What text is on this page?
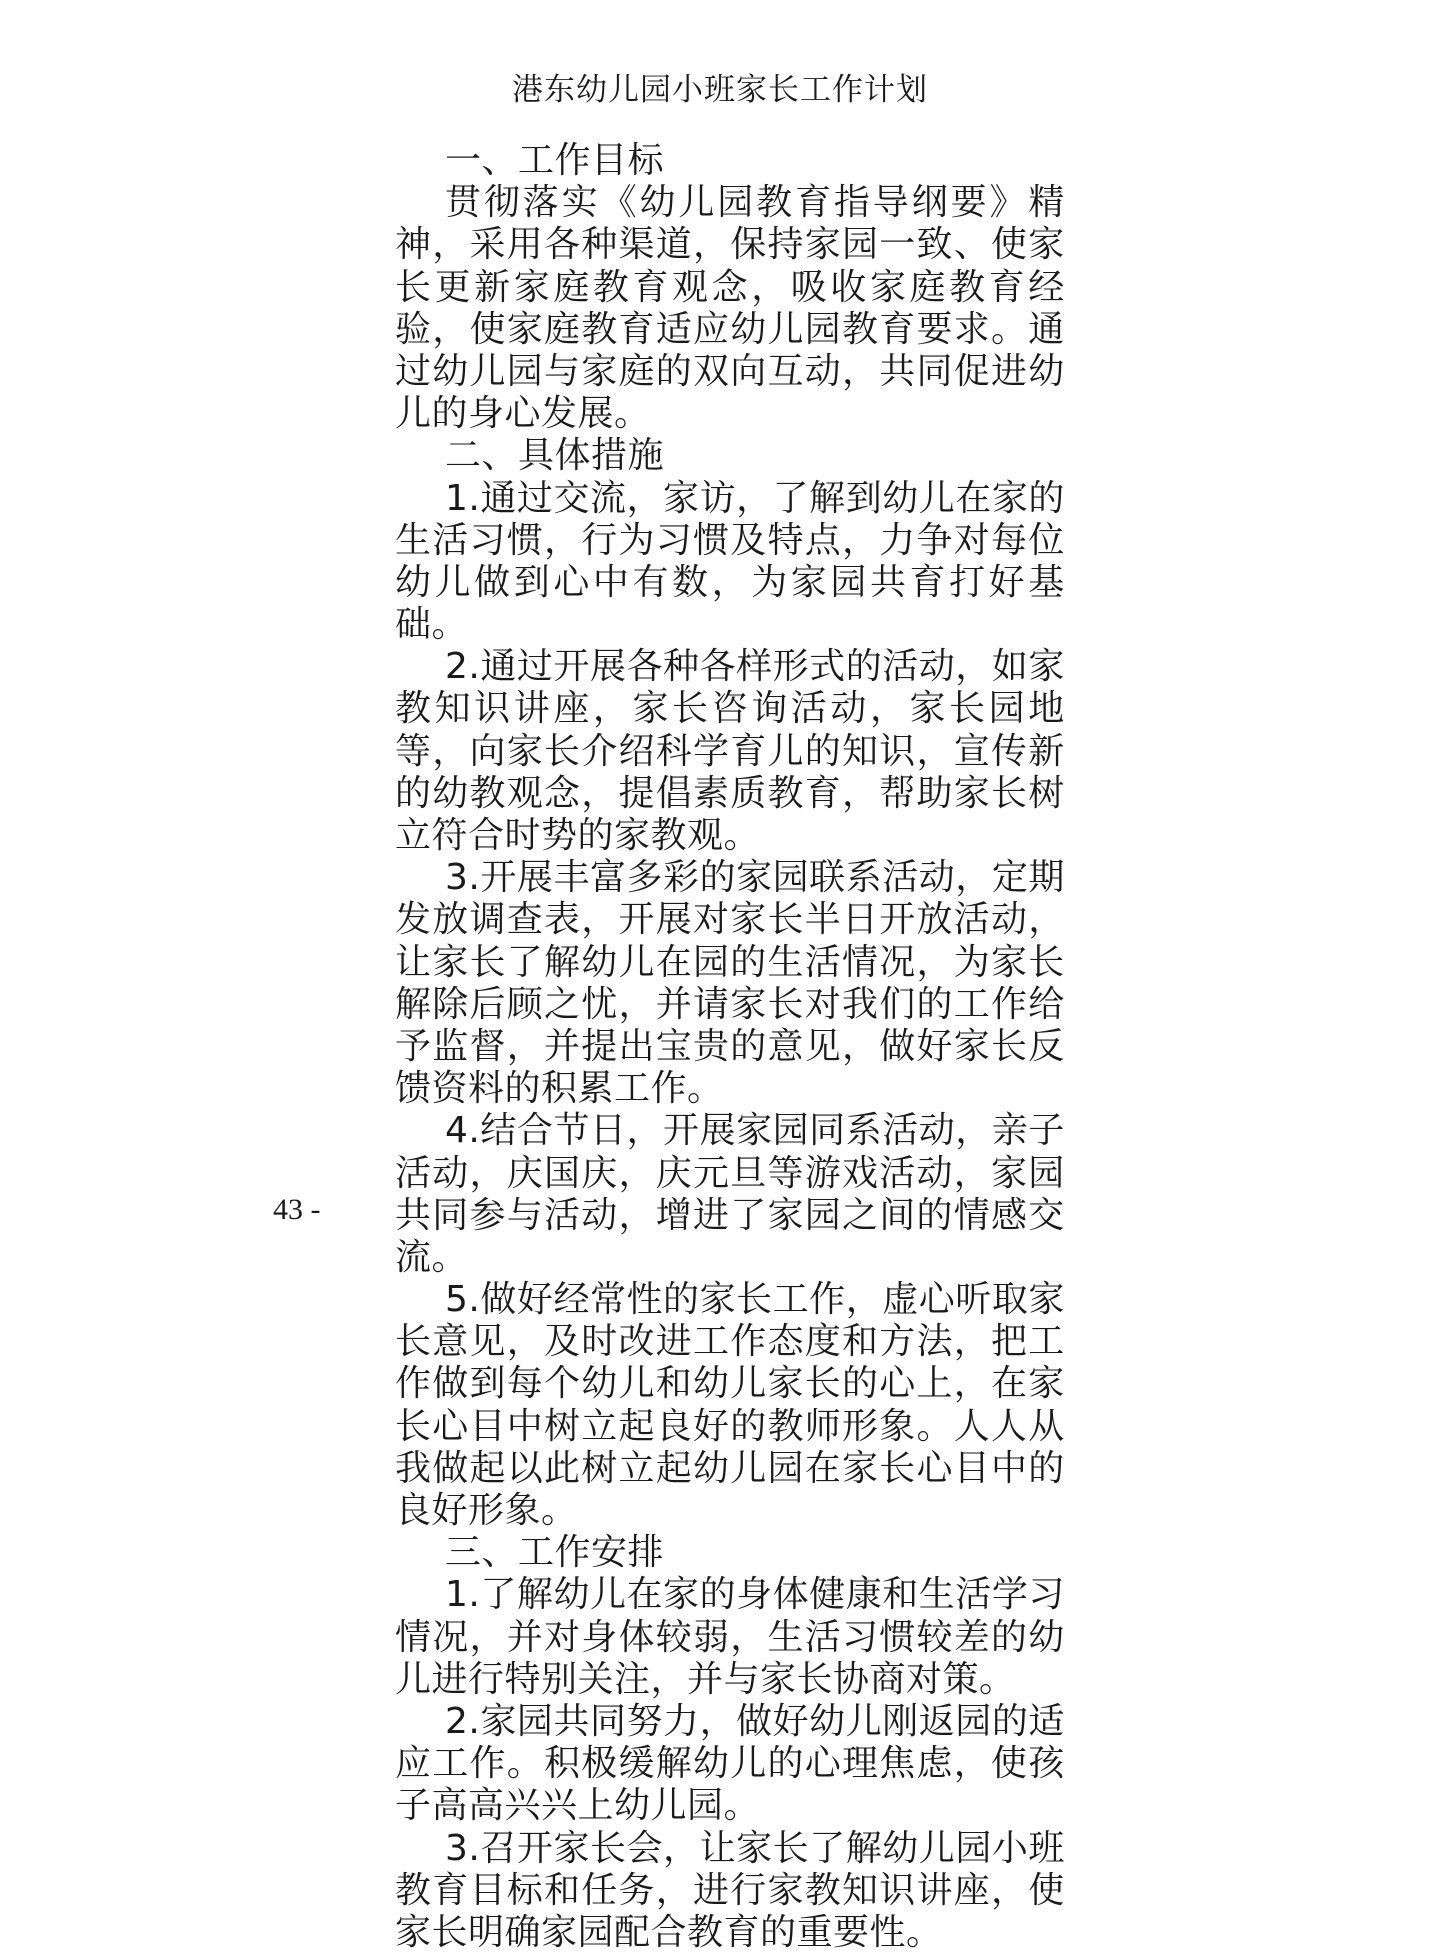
港东幼儿园小班家长工作计划
43 -
一、工作目标
贯 彻 落 实 《 幼 儿 园 教 育 指 导 纲 要 》 精
神 ， 采 用 各 种 渠 道 ， 保 持 家 园 一 致 、 使 家
长 更 新 家 庭 教 育 观 念 ， 吸 收 家 庭 教 育 经
验 ， 使 家 庭 教 育 适 应 幼 儿 园 教 育 要 求 。 通
过 幼 儿 园 与 家 庭 的 双 向 互 动 ， 共 同 促 进 幼
儿的身心发展。
二、具体措施
1 . 通 过 交 流 ， 家 访 ， 了 解 到 幼 儿 在 家 的
生 活 习 惯 ， 行 为 习 惯 及 特 点 ， 力 争 对 每 位
幼 儿 做 到 心 中 有 数 ， 为 家 园 共 育 打 好 基
础。
2 . 通 过 开 展 各 种 各 样 形 式 的 活 动 ， 如 家
教 知 识 讲 座 ， 家 长 咨 询 活 动 ， 家 长 园 地
等 ， 向 家 长 介 绍 科 学 育 儿 的 知 识 ， 宣 传 新
的 幼 教 观 念 ， 提 倡 素 质 教 育 ， 帮 助 家 长 树
立符合时势的家教观。
3 . 开 展 丰 富 多 彩 的 家 园 联 系 活 动 ， 定 期
发 放 调 查 表 ， 开 展 对 家 长 半 日 开 放 活 动 ，
让 家 长 了 解 幼 儿 在 园 的 生 活 情 况 ， 为 家 长
解 除 后 顾 之 忧 ， 并 请 家 长 对 我 们 的 工 作 给
予 监 督 ， 并 提 出 宝 贵 的 意 见 ， 做 好 家 长 反
馈资料的积累工作。
4 . 结 合 节 日 ， 开 展 家 园 同 系 活 动 ， 亲 子
活 动 ， 庆 国 庆 ， 庆 元 旦 等 游 戏 活 动 ， 家 园
共 同 参 与 活 动 ， 增 进 了 家 园 之 间 的 情 感 交
流。
5 . 做 好 经 常 性 的 家 长 工 作 ， 虚 心 听 取 家
长 意 见 ， 及 时 改 进 工 作 态 度 和 方 法 ， 把 工
作 做 到 每 个 幼 儿 和 幼 儿 家 长 的 心 上 ， 在 家
长 心 目 中 树 立 起 良 好 的 教 师 形 象 。 人 人 从
我 做 起 以 此 树 立 起 幼 儿 园 在 家 长 心 目 中 的
良好形象。
三、工作安排
1 . 了 解 幼 儿 在 家 的 身 体 健 康 和 生 活 学 习
情 况 ， 并 对 身 体 较 弱 ， 生 活 习 惯 较 差 的 幼
儿进行特别关注，并与家长协商对策。
2 . 家 园 共 同 努 力 ， 做 好 幼 儿 刚 返 园 的 适
应 工 作 。 积 极 缓 解 幼 儿 的 心 理 焦 虑 ， 使 孩
子高高兴兴上幼儿园。
3 . 召 开 家 长 会 ， 让 家 长 了 解 幼 儿 园 小 班
教 育 目 标 和 任 务 ， 进 行 家 教 知 识 讲 座 ， 使
家长明确家园配合教育的重要性。
